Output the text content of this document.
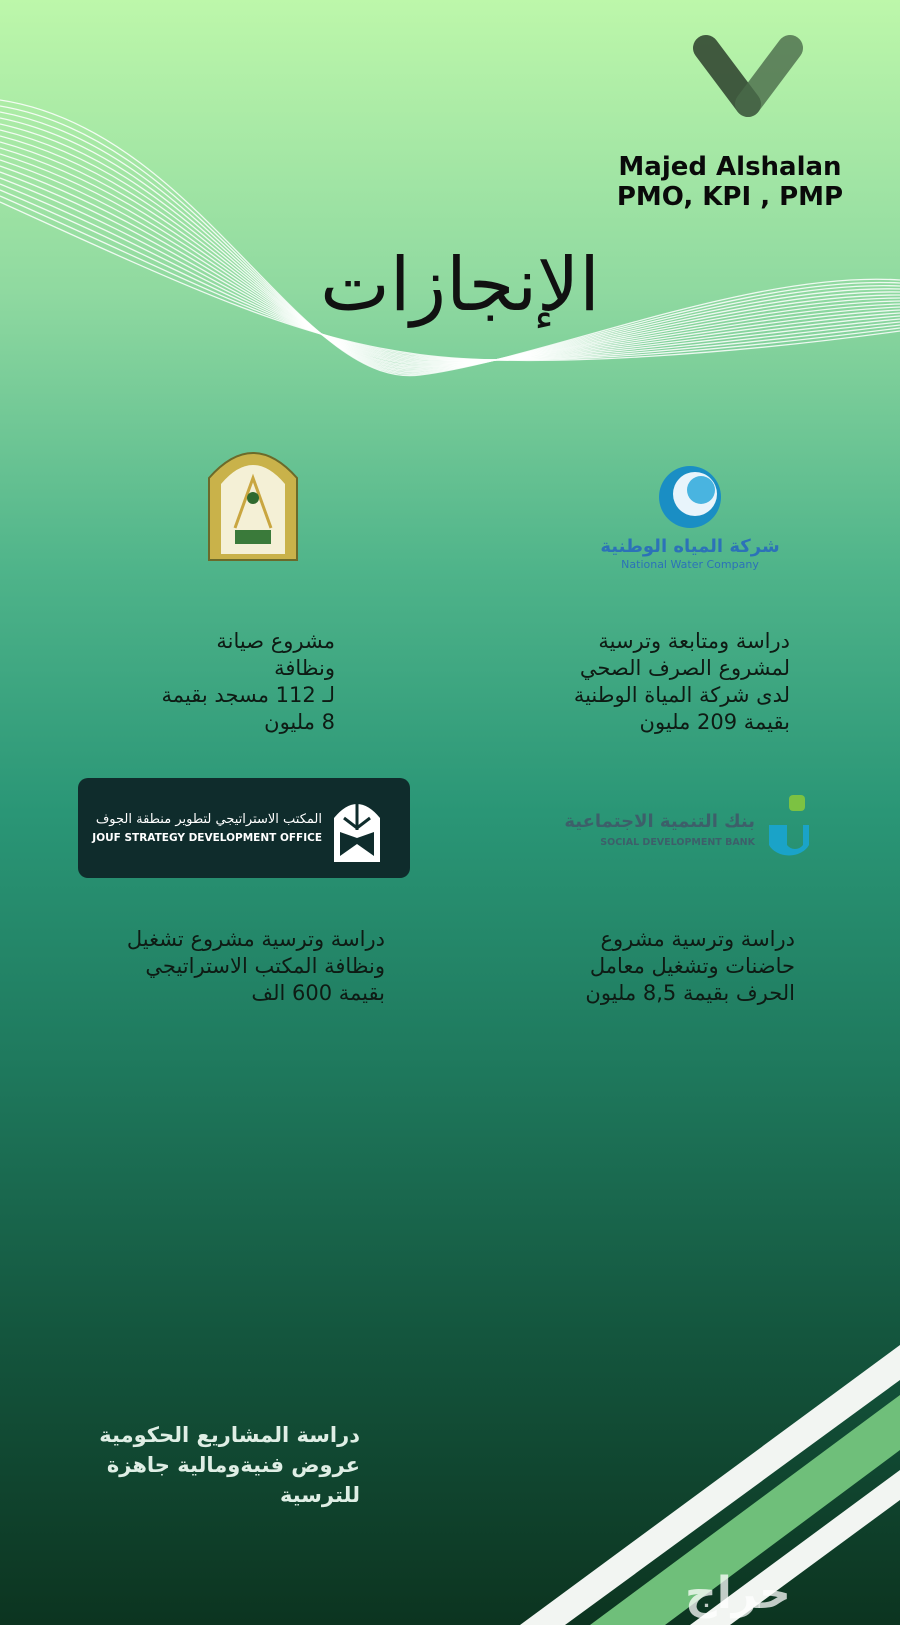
Majed Alshalan
PMO, KPI , PMP
الإنجازات
شركة المياه الوطنية
National Water Company
دراسة ومتابعة وترسية
لمشروع الصرف الصحي
لدى شركة المياة الوطنية
بقيمة 209 مليون
مشروع صيانة
ونظافة
لـ 112 مسجد بقيمة
8 مليون
المكتب الاستراتيجي لتطوير منطقة الجوف
JOUF STRATEGY DEVELOPMENT OFFICE
بنك التنمية الاجتماعية
SOCIAL DEVELOPMENT BANK
دراسة وترسية مشروع
حاضنات وتشغيل معامل
الحرف بقيمة 8,5 مليون
دراسة وترسية مشروع تشغيل
ونظافة المكتب الاستراتيجي
بقيمة 600 الف
دراسة المشاريع الحكومية
عروض فنيةومالية جاهزة
للترسية
حراج
